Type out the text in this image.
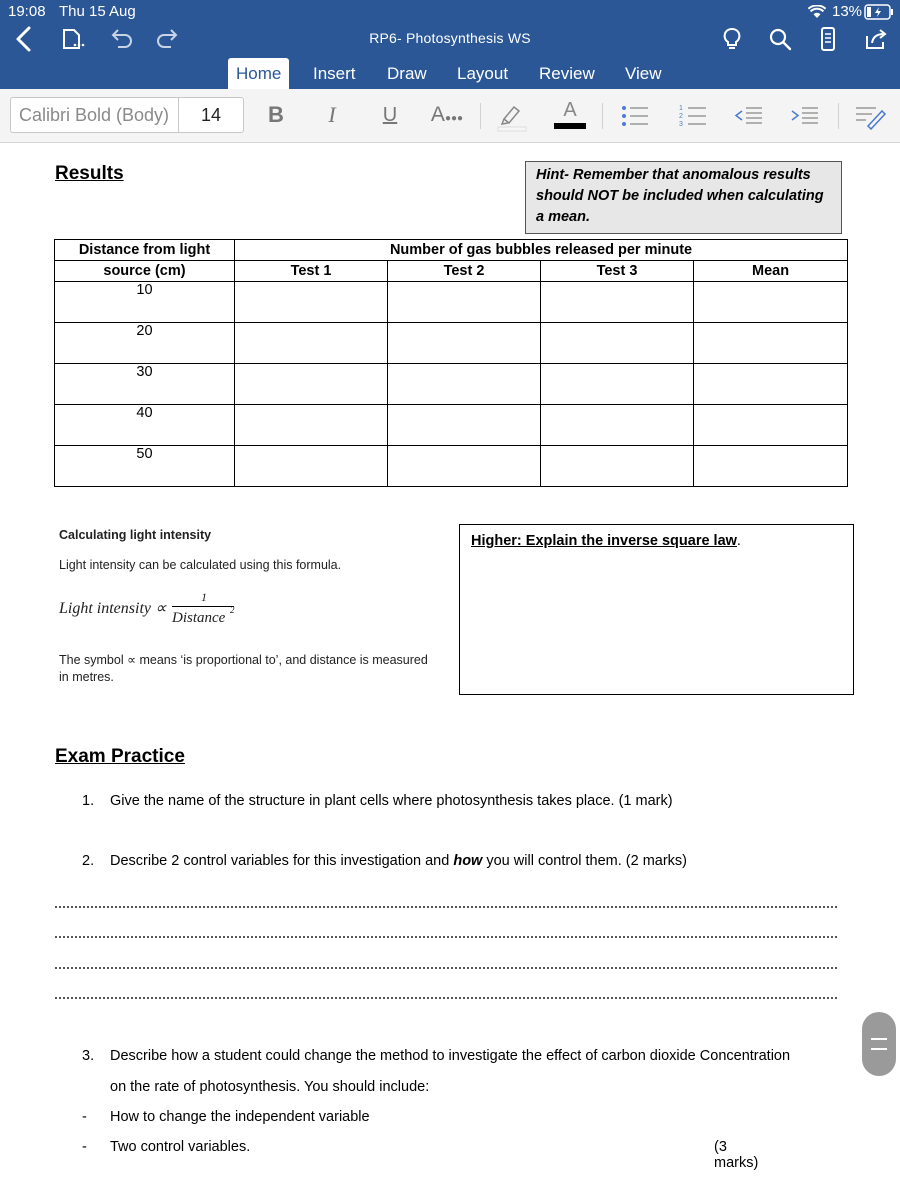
19:08 Thu 15 Aug	13%
RP6- Photosynthesis WS
Home	Insert	Draw	Layout	Review	View
Calibri Bold (Body)	14	B	I	U	A●●●	A	1
2
3
Results	Hint- Remember that anomalous results should NOT be included when calculating a mean.
Distance from light	Number of gas bubbles released per minute			
source (cm)	Test 1	Test 2	Test 3	Mean
10				
20				
30				
40				
50				
Calculating light intensity
Light intensity can be calculated using this formula.
Light intensity ∝
1
Distance 2
The symbol ∝ means ‘is proportional to’, and distance is measured in metres.
Higher: Explain the inverse square law.
Exam Practice
1. Give the name of the structure in plant cells where photosynthesis takes place. (1 mark)
2. Describe 2 control variables for this investigation and how you will control them. (2 marks)
3. Describe how a student could change the method to investigate the effect of carbon dioxide Concentration
on the rate of photosynthesis. You should include:
- How to change the independent variable
- Two control variables.	(3 marks)
